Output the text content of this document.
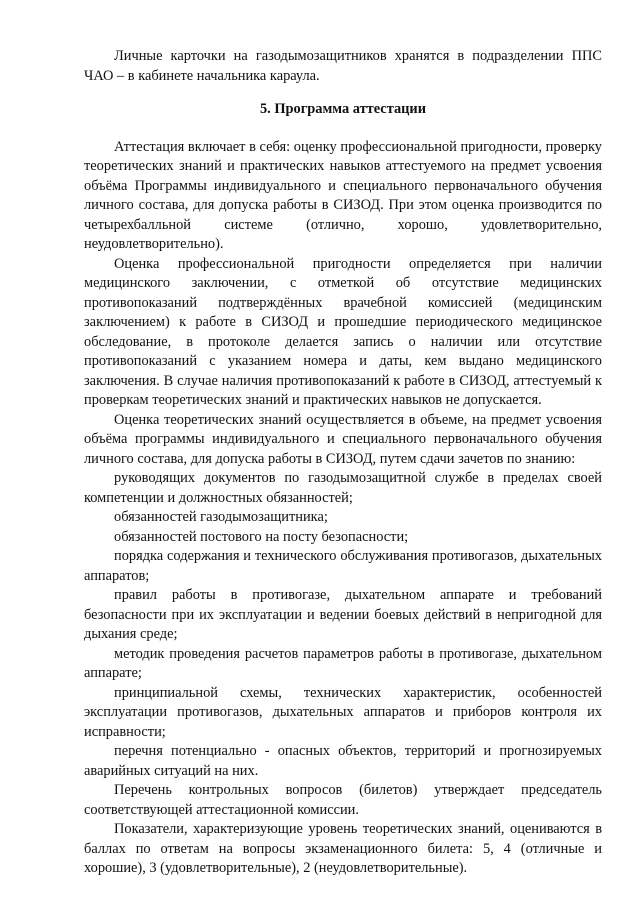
Личные карточки на газодымозащитников хранятся в подразделении ППС ЧАО – в кабинете начальника караула.

5. Программа аттестации

Аттестация включает в себя: оценку профессиональной пригодности, проверку теоретических знаний и практических навыков аттестуемого на предмет усвоения объёма Программы индивидуального и специального первоначального обучения личного состава, для допуска работы в СИЗОД. При этом оценка производится по четырехбалльной системе (отлично, хорошо, удовлетворительно, неудовлетворительно).

Оценка профессиональной пригодности определяется при наличии медицинского заключении, с отметкой об отсутствие медицинских противопоказаний подтверждённых врачебной комиссией (медицинским заключением) к работе в СИЗОД и прошедшие периодического медицинское обследование, в протоколе делается запись о наличии или отсутствие противопоказаний с указанием номера и даты, кем выдано медицинского заключения. В случае наличия противопоказаний к работе в СИЗОД, аттестуемый к проверкам теоретических знаний и практических навыков не допускается.

Оценка теоретических знаний осуществляется в объеме, на предмет усвоения объёма программы индивидуального и специального первоначального обучения личного состава, для допуска работы в СИЗОД, путем сдачи зачетов по знанию:

руководящих документов по газодымозащитной службе в пределах своей компетенции и должностных обязанностей;

обязанностей газодымозащитника;

обязанностей постового на посту безопасности;

порядка содержания и технического обслуживания противогазов, дыхательных аппаратов;

правил работы в противогазе, дыхательном аппарате и требований безопасности при их эксплуатации и ведении боевых действий в непригодной для дыхания среде;

методик проведения расчетов параметров работы в противогазе, дыхательном аппарате;

принципиальной схемы, технических характеристик, особенностей эксплуатации противогазов, дыхательных аппаратов и приборов контроля их исправности;

перечня потенциально - опасных объектов, территорий и прогнозируемых аварийных ситуаций на них.

Перечень контрольных вопросов (билетов) утверждает председатель соответствующей аттестационной комиссии.

Показатели, характеризующие уровень теоретических знаний, оцениваются в баллах по ответам на вопросы экзаменационного билета: 5, 4 (отличные и хорошие), 3 (удовлетворительные), 2 (неудовлетворительные).
